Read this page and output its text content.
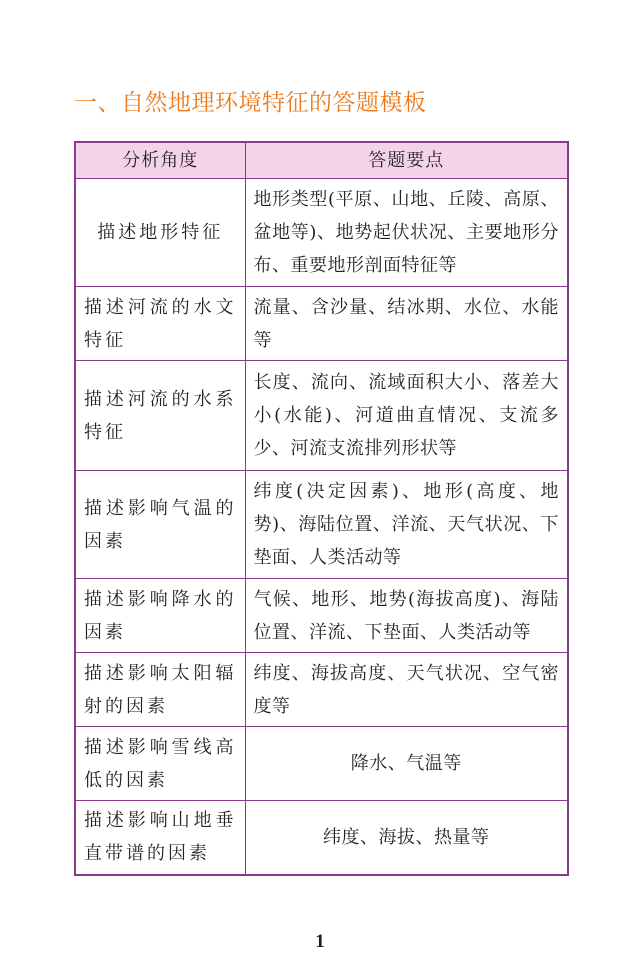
一、自然地理环境特征的答题模板
分析角度	答题要点
描述地形特征	地形类型(平原、山地、丘陵、高原、盆地等)、地势起伏状况、主要地形分布、重要地形剖面特征等
描述河流的水文特征	流量、含沙量、结冰期、水位、水能等
描述河流的水系特征	长度、流向、流域面积大小、落差大小(水能)、河道曲直情况、支流多少、河流支流排列形状等
描述影响气温的因素	纬度(决定因素)、地形(高度、地势)、海陆位置、洋流、天气状况、下垫面、人类活动等
描述影响降水的因素	气候、地形、地势(海拔高度)、海陆位置、洋流、下垫面、人类活动等
描述影响太阳辐射的因素	纬度、海拔高度、天气状况、空气密度等
描述影响雪线高低的因素	降水、气温等
描述影响山地垂直带谱的因素	纬度、海拔、热量等
1
